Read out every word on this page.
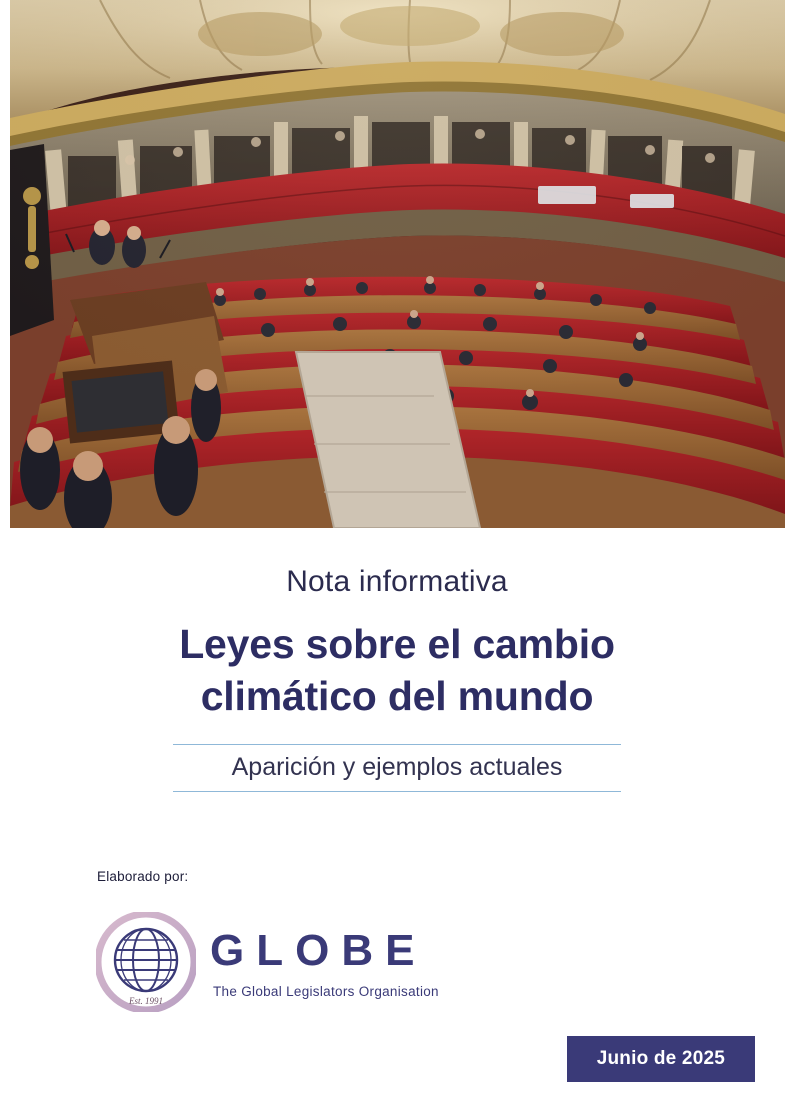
Nota informativa

Leyes sobre el cambio
climático del mundo

Aparición y ejemplos actuales

Elaborado por:
Est. 1991
GLOBE
The Global Legislators Organisation
Junio de 2025
